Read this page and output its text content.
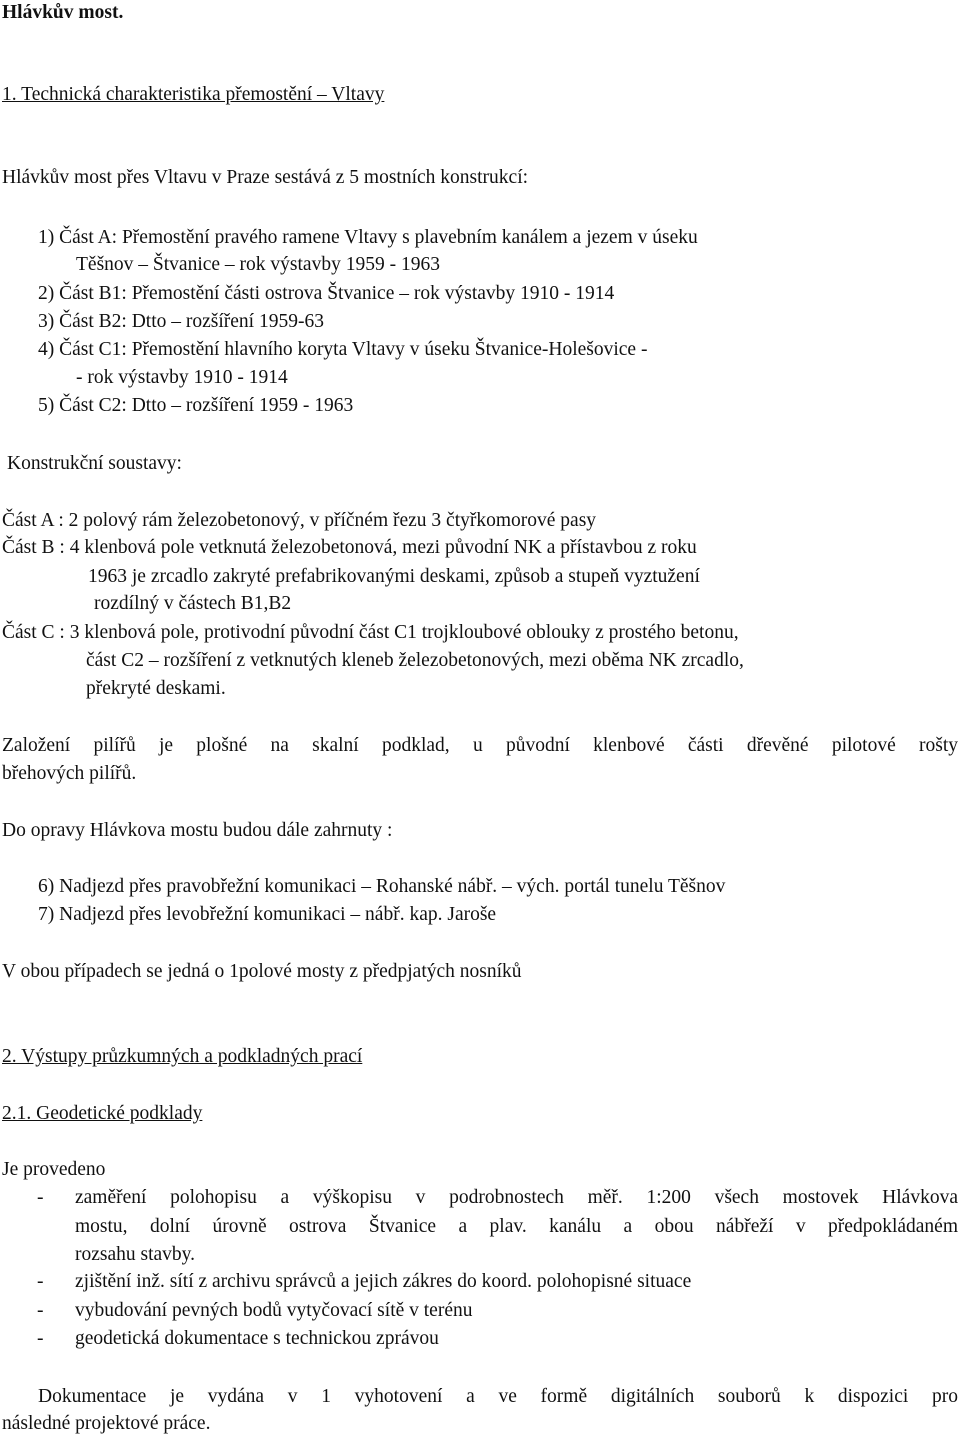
Hlávkův most.
1. Technická charakteristika přemostění – Vltavy
Hlávkův most přes Vltavu v Praze sestává z 5 mostních konstrukcí:
1) Část A: Přemostění pravého ramene Vltavy s plavebním kanálem a jezem v úseku
Těšnov – Štvanice – rok výstavby 1959 - 1963
2) Část B1: Přemostění části ostrova Štvanice – rok výstavby 1910 - 1914
3) Část B2: Dtto – rozšíření 1959-63
4) Část C1: Přemostění hlavního koryta Vltavy v úseku Štvanice-Holešovice -
- rok výstavby 1910 - 1914
5) Část C2: Dtto – rozšíření 1959 - 1963
Konstrukční soustavy:
Část A : 2 polový rám železobetonový, v příčném řezu 3 čtyřkomorové pasy
Část B : 4 klenbová pole vetknutá železobetonová, mezi původní NK a přístavbou z roku
1963 je zrcadlo zakryté prefabrikovanými deskami, způsob a stupeň vyztužení
rozdílný v částech B1,B2
Část C : 3 klenbová pole, protivodní původní část C1 trojkloubové oblouky z prostého betonu,
část C2 – rozšíření z vetknutých kleneb železobetonových, mezi oběma NK zrcadlo,
překryté deskami.
Založení pilířů je plošné na skalní podklad, u původní klenbové části dřevěné pilotové rošty
břehových pilířů.
Do opravy Hlávkova mostu budou dále zahrnuty :
6) Nadjezd přes pravobřežní komunikaci – Rohanské nábř. – vých. portál tunelu Těšnov
7) Nadjezd přes levobřežní komunikaci – nábř. kap. Jaroše
V obou případech se jedná o 1polové mosty z předpjatých nosníků
2. Výstupy průzkumných a podkladných prací
2.1. Geodetické podklady
Je provedeno
- zaměření polohopisu a výškopisu v podrobnostech měř. 1:200 všech mostovek Hlávkova
mostu, dolní úrovně ostrova Štvanice a plav. kanálu a obou nábřeží v předpokládaném
rozsahu stavby.
- zjištění inž. sítí z archivu správců a jejich zákres do koord. polohopisné situace
- vybudování pevných bodů vytyčovací sítě v terénu
- geodetická dokumentace s technickou zprávou
Dokumentace je vydána v 1 vyhotovení a ve formě digitálních souborů k dispozici pro
následné projektové práce.
